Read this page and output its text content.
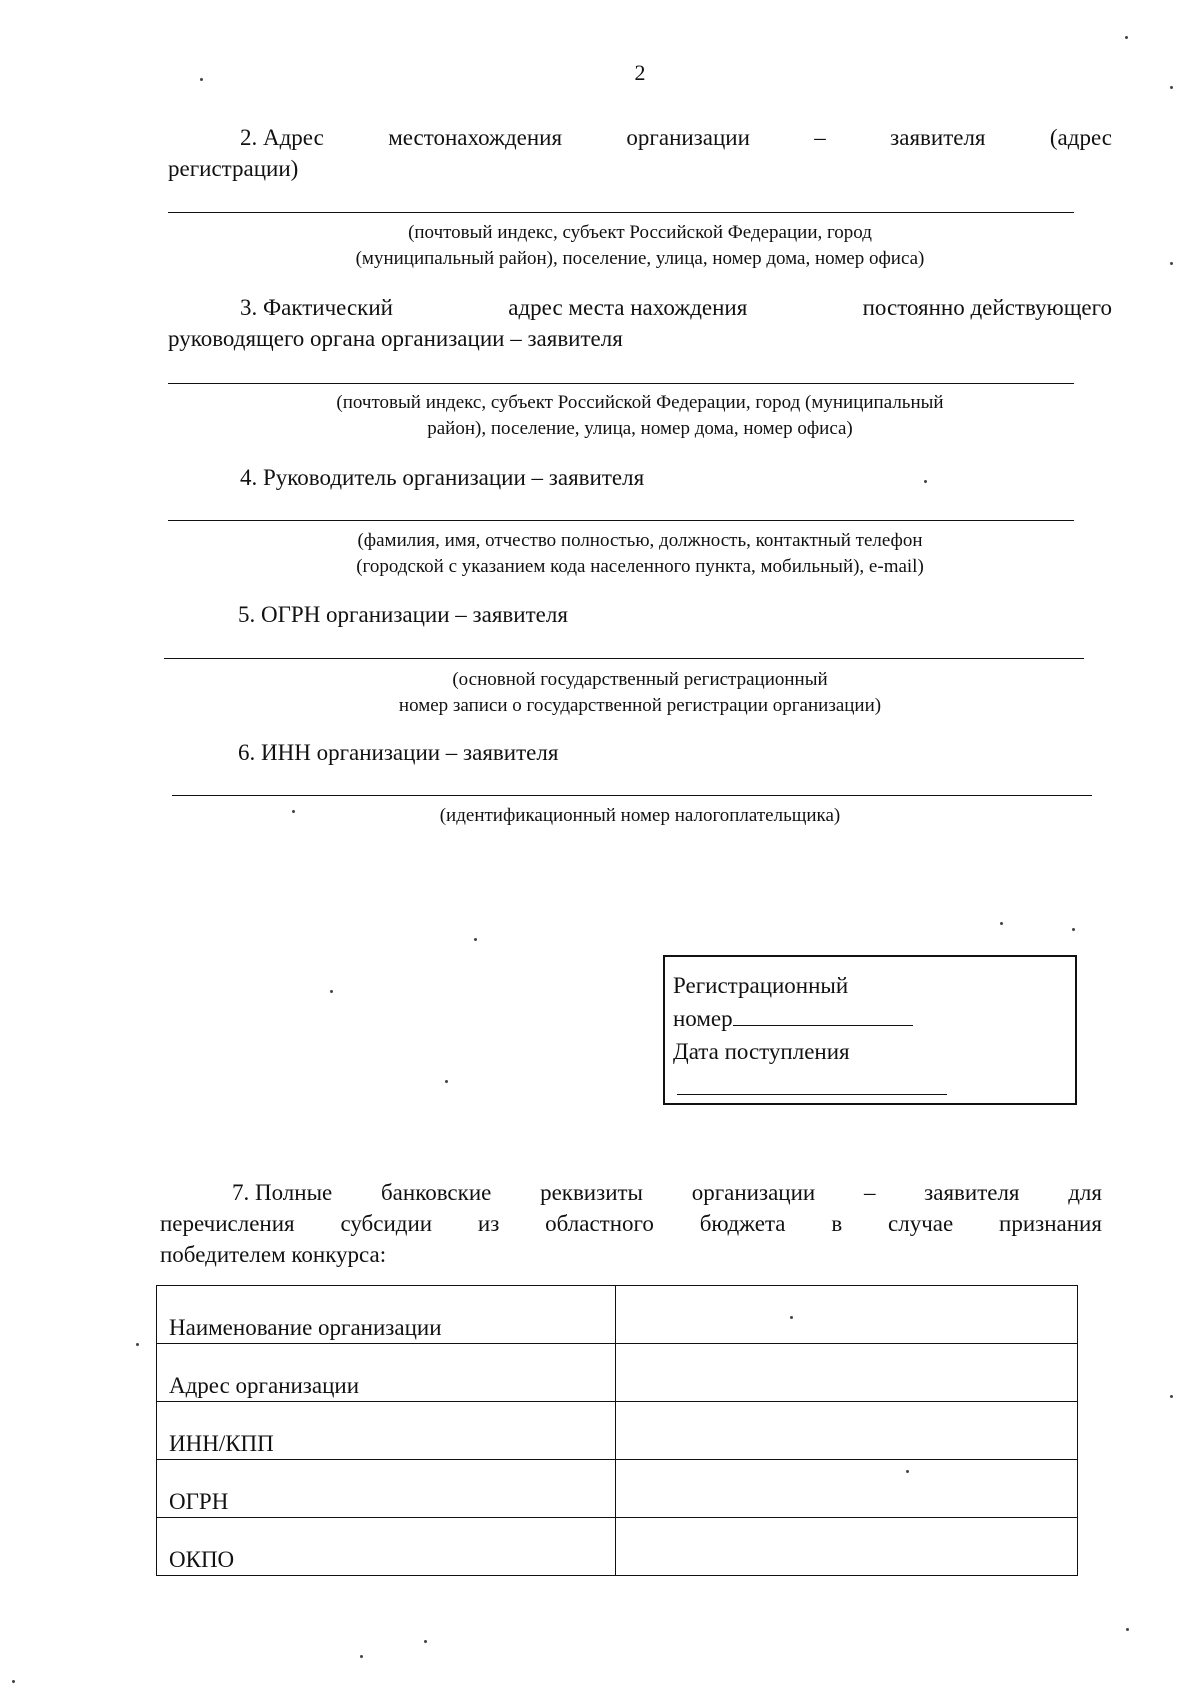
2
2. Адрес	местонахождения	организации	–	заявителя	(адрес
регистрации)
(почтовый индекс, субъект Российской Федерации, город
(муниципальный район), поселение, улица, номер дома, номер офиса)
3. Фактический	адрес места нахождения	постоянно действующего
руководящего органа организации – заявителя
(почтовый индекс, субъект Российской Федерации, город (муниципальный
район), поселение, улица, номер дома, номер офиса)
4. Руководитель организации – заявителя
(фамилия, имя, отчество полностью, должность, контактный телефон
(городской с указанием кода населенного пункта, мобильный), e-mail)
5. ОГРН организации – заявителя
(основной государственный регистрационный
номер записи о государственной регистрации организации)
6. ИНН организации – заявителя
(идентификационный номер налогоплательщика)
Регистрационный
номер
Дата поступления
7. Полные банковские реквизиты организации – заявителя для
перечисления субсидии из областного бюджета в случае признания
победителем конкурса:
Наименование организации	
Адрес организации	
ИНН/КПП	
ОГРН	
ОКПО	
